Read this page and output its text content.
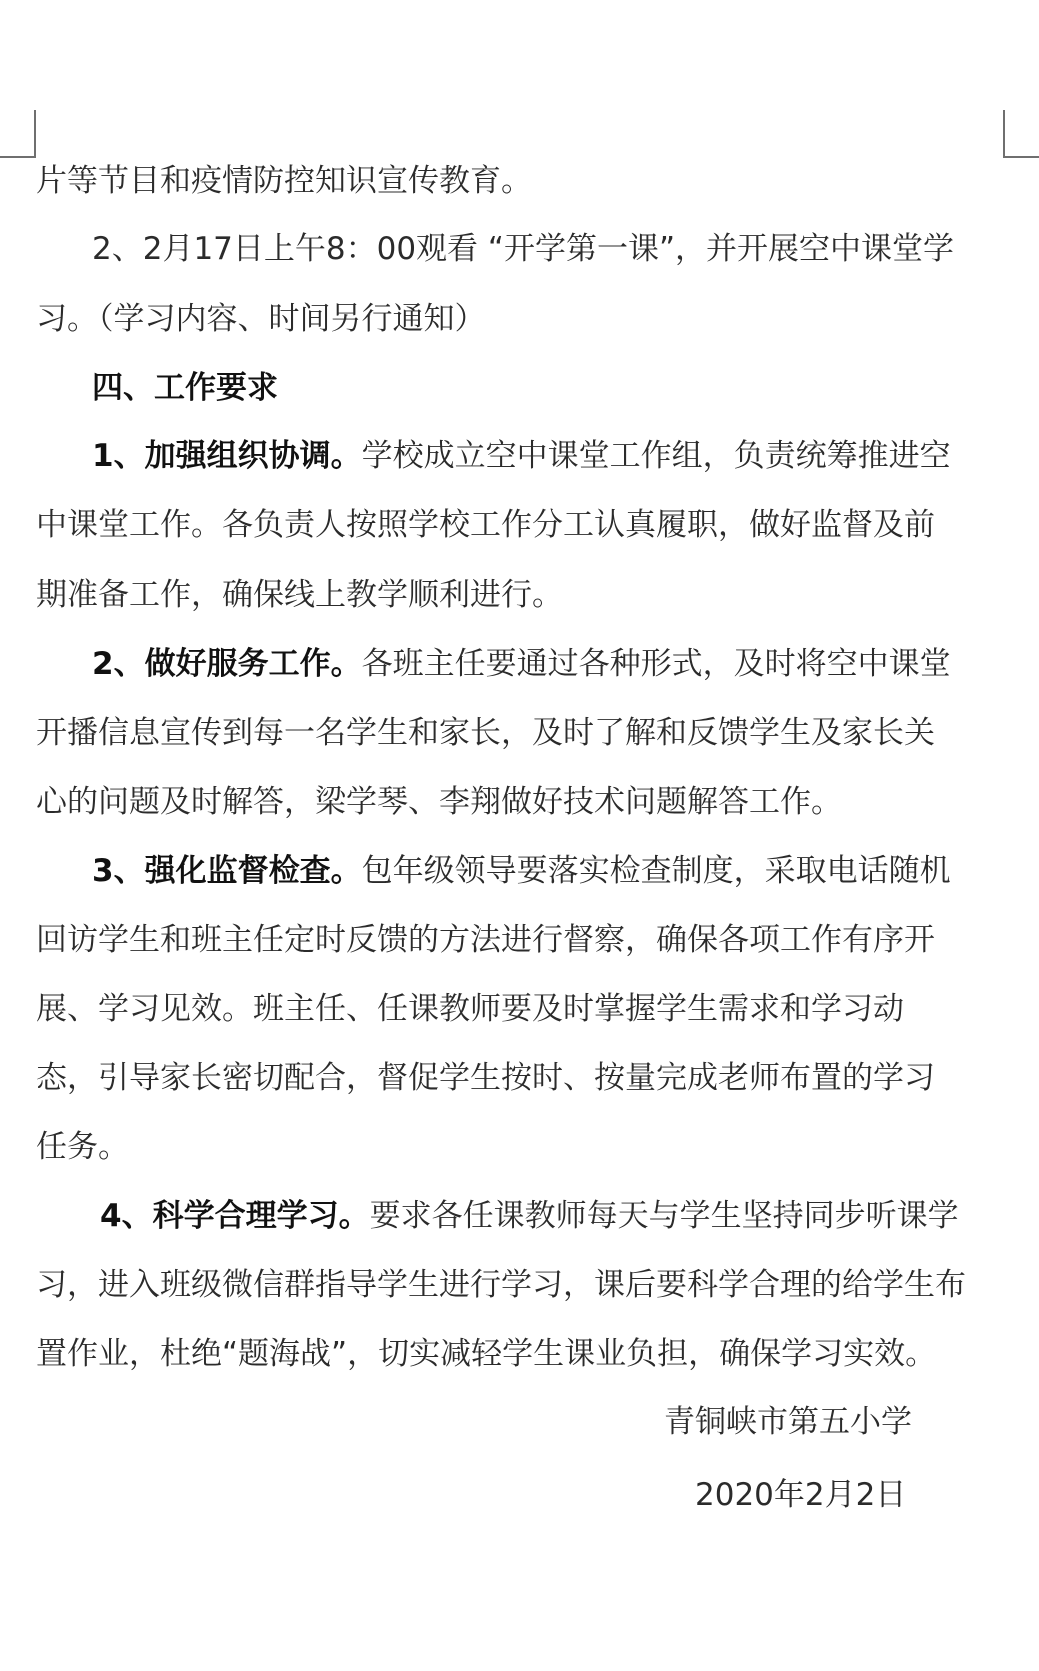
片等节目和疫情防控知识宣传教育。
2、2月17日上午8：00观看 “开学第一课”，并开展空中课堂学
习。（学习内容、时间另行通知）
四、工作要求
1、加强组织协调。学校成立空中课堂工作组，负责统筹推进空
中课堂工作。各负责人按照学校工作分工认真履职，做好监督及前
期准备工作，确保线上教学顺利进行。
2、做好服务工作。各班主任要通过各种形式，及时将空中课堂
开播信息宣传到每一名学生和家长，及时了解和反馈学生及家长关
心的问题及时解答，梁学琴、李翔做好技术问题解答工作。
3、强化监督检查。包年级领导要落实检查制度，采取电话随机
回访学生和班主任定时反馈的方法进行督察，确保各项工作有序开
展、学习见效。班主任、任课教师要及时掌握学生需求和学习动
态，引导家长密切配合，督促学生按时、按量完成老师布置的学习
任务。
4、科学合理学习。要求各任课教师每天与学生坚持同步听课学
习，进入班级微信群指导学生进行学习，课后要科学合理的给学生布
置作业，杜绝“题海战”，切实减轻学生课业负担，确保学习实效。
青铜峡市第五小学
2020年2月2日
